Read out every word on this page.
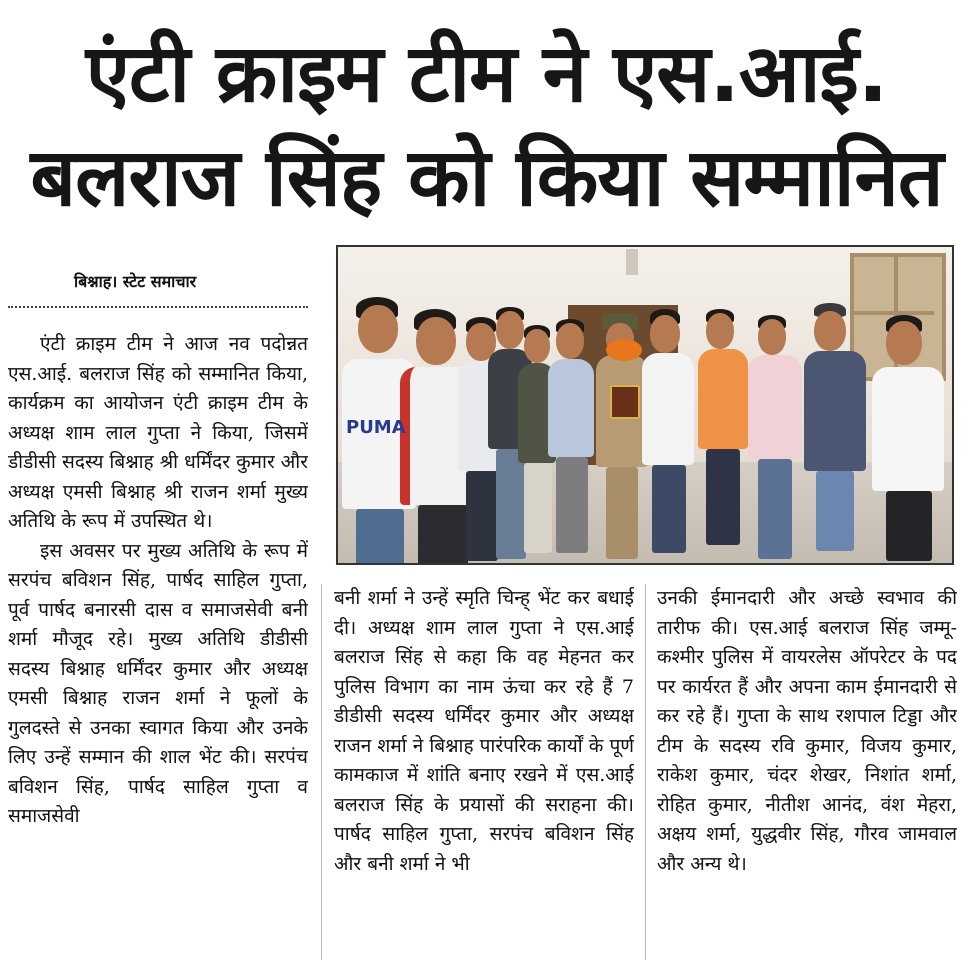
एंटी क्राइम टीम ने एस.आई.
बलराज सिंह को किया सम्मानित
बिश्नाह। स्टेट समाचार
PUMA

एंटी क्राइम टीम ने आज नव पदोन्नत एस.आई. बलराज सिंह को सम्मानित किया, कार्यक्रम का आयोजन एंटी क्राइम टीम के अध्यक्ष शाम लाल गुप्ता ने किया, जिसमें डीडीसी सदस्य बिश्नाह श्री धर्मिंदर कुमार और अध्यक्ष एमसी बिश्नाह श्री राजन शर्मा मुख्य अतिथि के रूप में उपस्थित थे।

इस अवसर पर मुख्य अतिथि के रूप में सरपंच बविशन सिंह, पार्षद साहिल गुप्ता, पूर्व पार्षद बनारसी दास व समाजसेवी बनी शर्मा मौजूद रहे। मुख्य अतिथि डीडीसी सदस्य बिश्नाह धर्मिंदर कुमार और अध्यक्ष एमसी बिश्नाह राजन शर्मा ने फूलों के गुलदस्ते से उनका स्वागत किया और उनके लिए उन्हें सम्मान की शाल भेंट की। सरपंच बविशन सिंह, पार्षद साहिल गुप्ता व समाजसेवी

बनी शर्मा ने उन्हें स्मृति चिन्ह् भेंट कर बधाई दी। अध्यक्ष शाम लाल गुप्ता ने एस.आई बलराज सिंह से कहा कि वह मेहनत कर पुलिस विभाग का नाम ऊंचा कर रहे हैं 7 डीडीसी सदस्य धर्मिंदर कुमार और अध्यक्ष राजन शर्मा ने बिश्नाह पारंपरिक कार्यों के पूर्ण कामकाज में शांति बनाए रखने में एस.आई बलराज सिंह के प्रयासों की सराहना की। पार्षद साहिल गुप्ता, सरपंच बविशन सिंह और बनी शर्मा ने भी

उनकी ईमानदारी और अच्छे स्वभाव की तारीफ की। एस.आई बलराज सिंह जम्मू-कश्मीर पुलिस में वायरलेस ऑपरेटर के पद पर कार्यरत हैं और अपना काम ईमानदारी से कर रहे हैं। गुप्ता के साथ रशपाल टिड्डा और टीम के सदस्य रवि कुमार, विजय कुमार, राकेश कुमार, चंदर शेखर, निशांत शर्मा, रोहित कुमार, नीतीश आनंद, वंश मेहरा, अक्षय शर्मा, युद्धवीर सिंह, गौरव जामवाल और अन्य थे।
